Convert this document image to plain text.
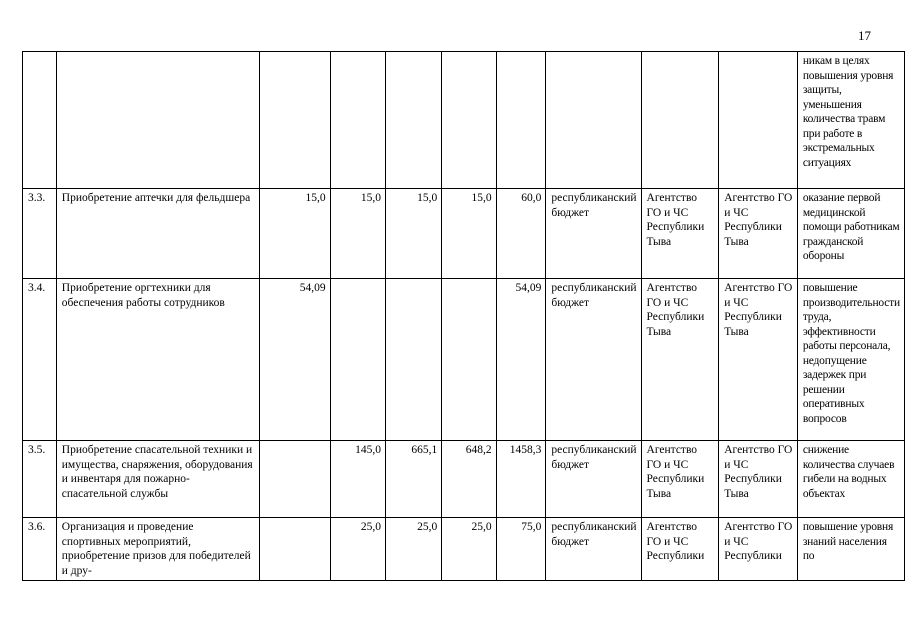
17
										никам в целях повышения уровня защиты, уменьшения количества травм при работе в экстремальных ситуациях
3.3.	Приобретение аптечки для фельдшера	15,0	15,0	15,0	15,0	60,0	республиканский бюджет	Агентство ГО и ЧС Республики Тыва	Агентство ГО и ЧС Республики Тыва	оказание первой медицинской помощи работникам гражданской обороны
3.4.	Приобретение оргтехники для обеспечения работы сотрудников	54,09				54,09	республиканский бюджет	Агентство ГО и ЧС Республики Тыва	Агентство ГО и ЧС Республики Тыва	повышение производительности труда, эффективности работы персонала, недопущение задержек при решении оперативных вопросов
3.5.	Приобретение спасательной техники и имущества, снаряжения, оборудования и инвентаря для пожарно-спасательной службы		145,0	665,1	648,2	1458,3	республиканский бюджет	Агентство ГО и ЧС Республики Тыва	Агентство ГО и ЧС Республики Тыва	снижение количества случаев гибели на водных объектах
3.6.	Организация и проведение спортивных мероприятий, приобретение призов для победителей и дру-		25,0	25,0	25,0	75,0	республиканский бюджет	Агентство ГО и ЧС Республики	Агентство ГО и ЧС Республики	повышение уровня знаний населения по
